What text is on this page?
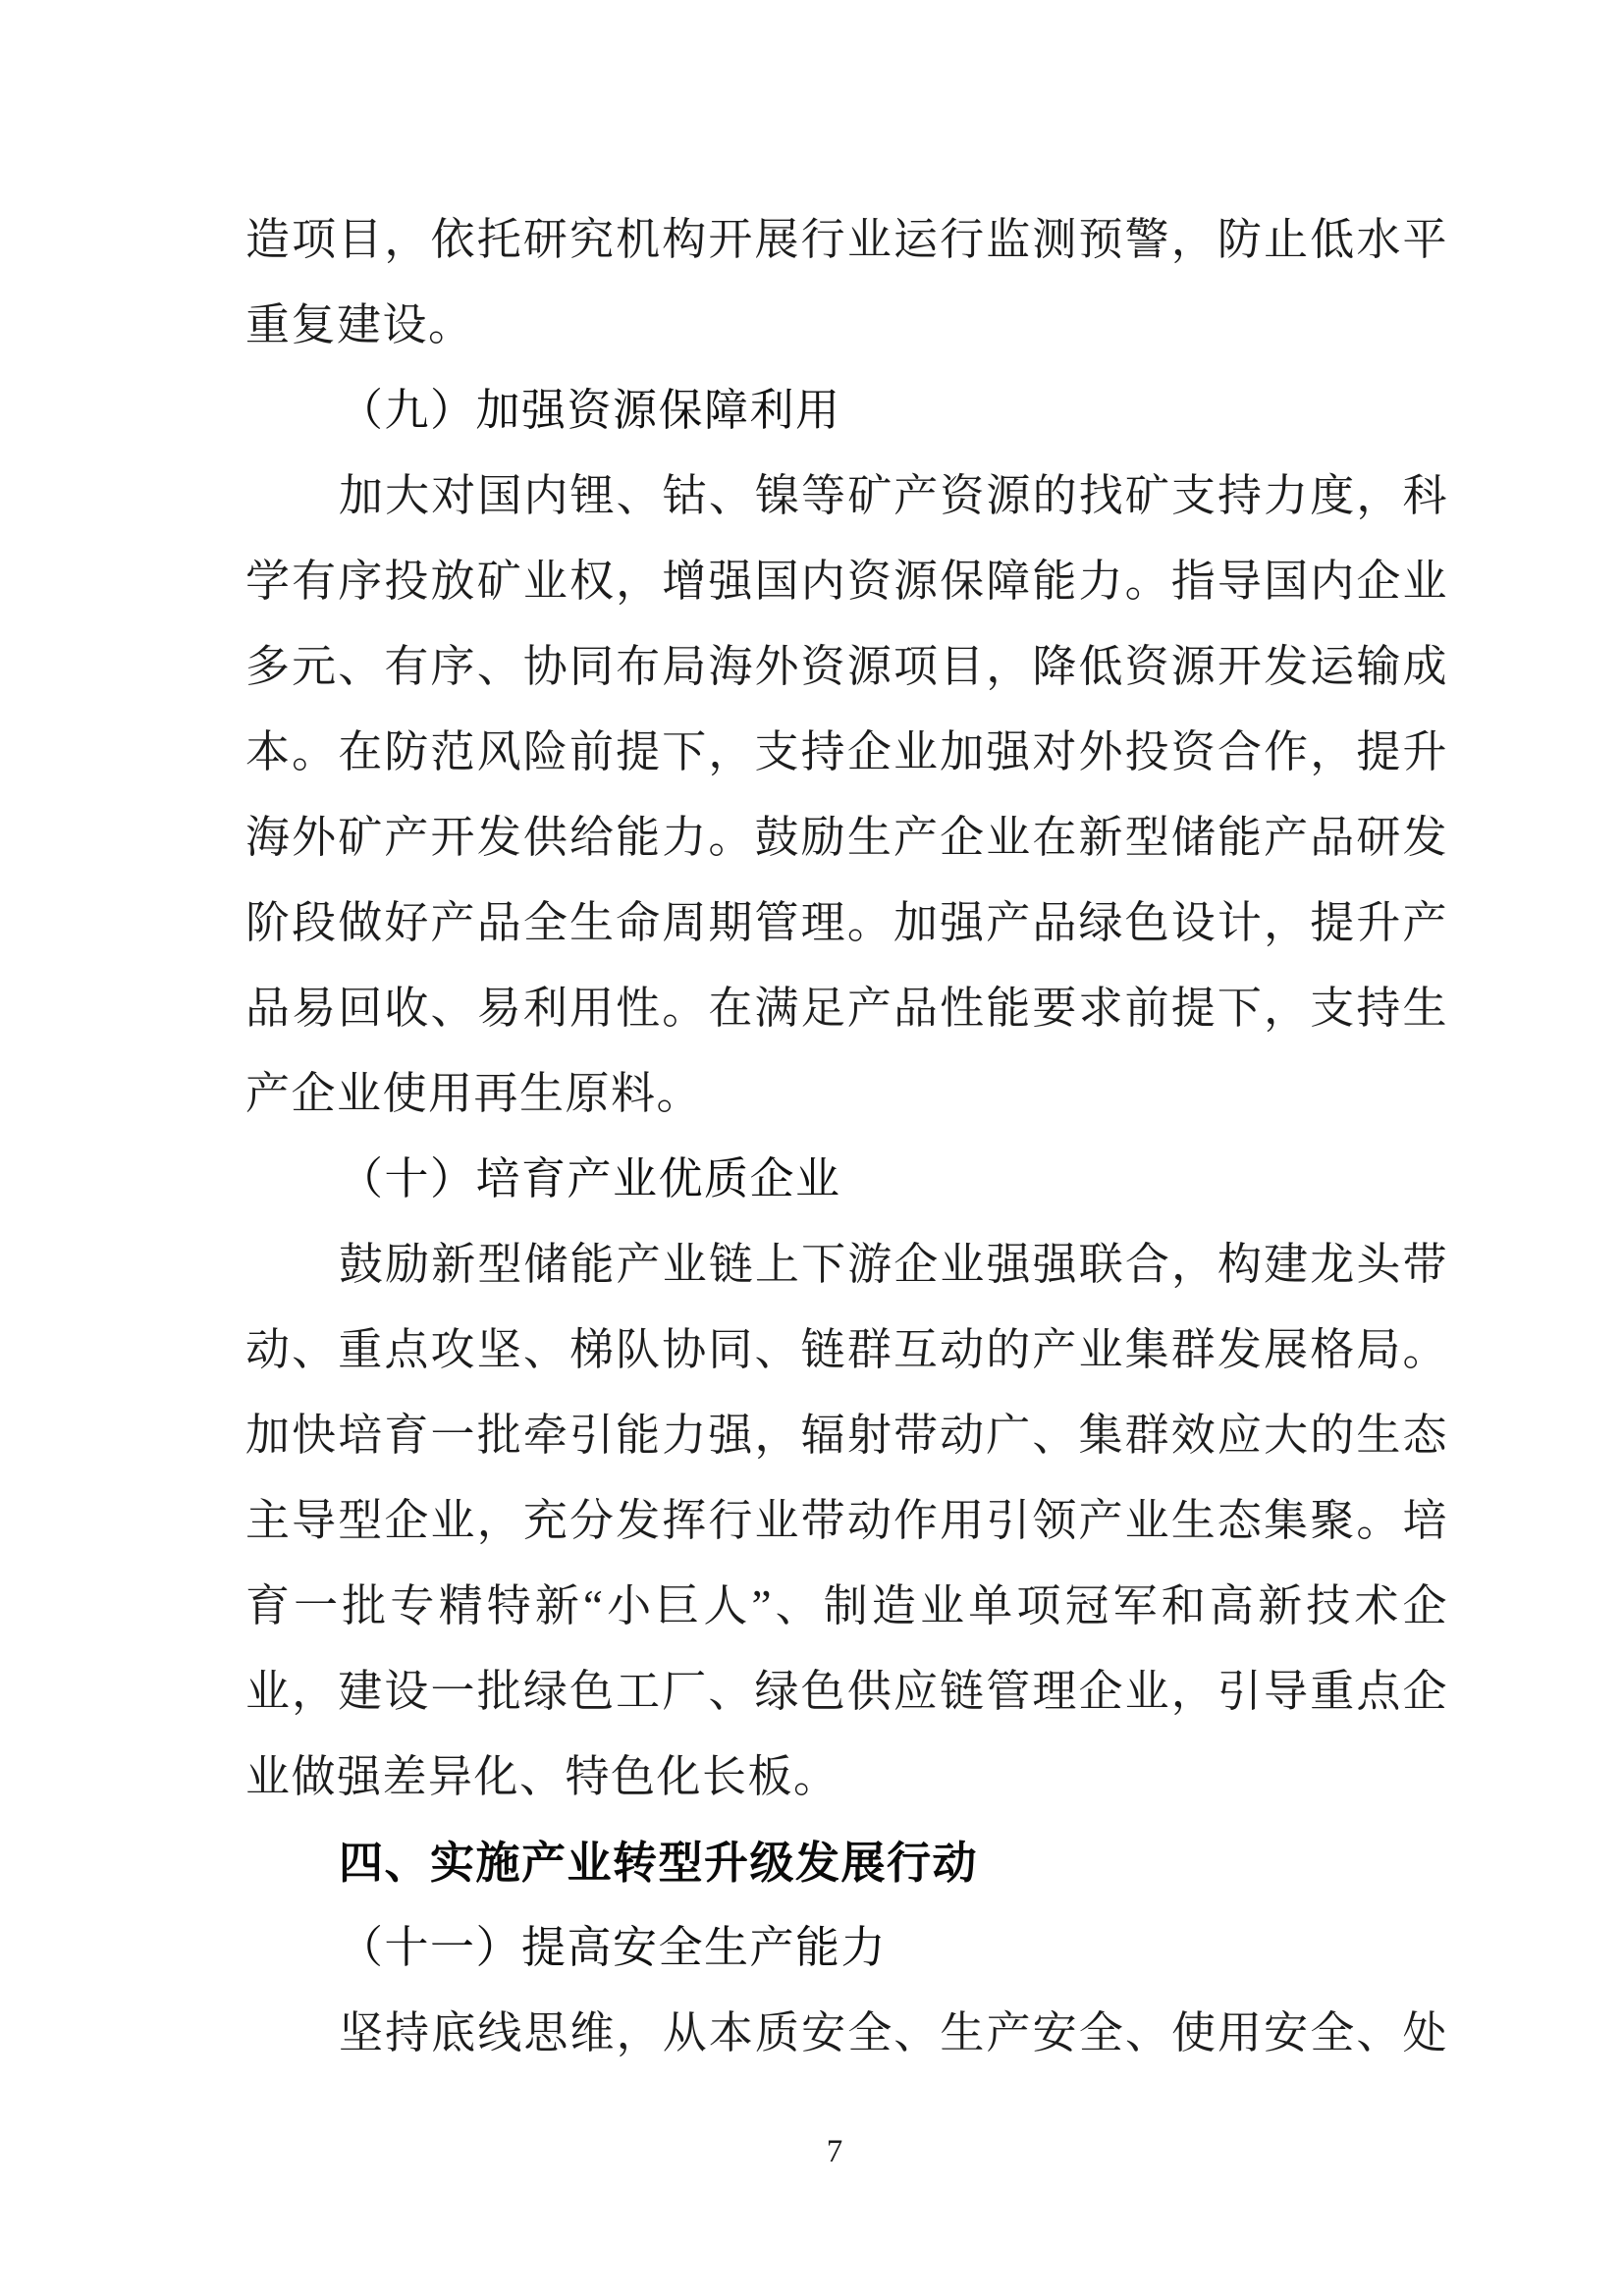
造项目，依托研究机构开展行业运行监测预警，防止低水平
重复建设。
（九）加强资源保障利用
加大对国内锂、钴、镍等矿产资源的找矿支持力度，科
学有序投放矿业权，增强国内资源保障能力。指导国内企业
多元、有序、协同布局海外资源项目，降低资源开发运输成
本。在防范风险前提下，支持企业加强对外投资合作，提升
海外矿产开发供给能力。鼓励生产企业在新型储能产品研发
阶段做好产品全生命周期管理。加强产品绿色设计，提升产
品易回收、易利用性。在满足产品性能要求前提下，支持生
产企业使用再生原料。
（十）培育产业优质企业
鼓励新型储能产业链上下游企业强强联合，构建龙头带
动、重点攻坚、梯队协同、链群互动的产业集群发展格局。
加快培育一批牵引能力强，辐射带动广、集群效应大的生态
主导型企业，充分发挥行业带动作用引领产业生态集聚。培
育一批专精特新“小巨人”、制造业单项冠军和高新技术企
业，建设一批绿色工厂、绿色供应链管理企业，引导重点企
业做强差异化、特色化长板。
四、实施产业转型升级发展行动
（十一）提高安全生产能力
坚持底线思维，从本质安全、生产安全、使用安全、处
7
